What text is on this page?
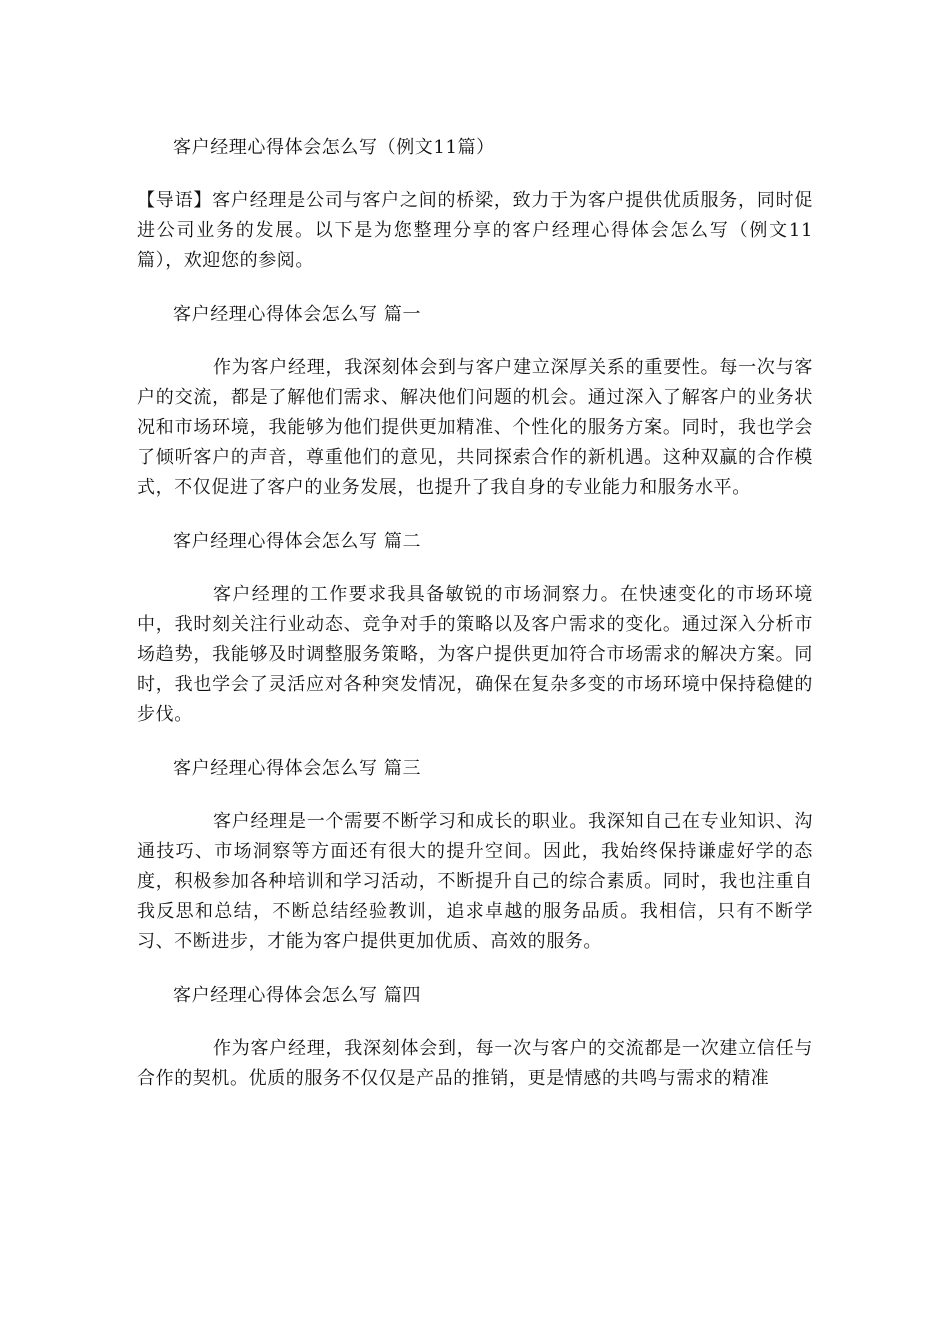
客户经理心得体会怎么写（例文11篇）

【导语】客户经理是公司与客户之间的桥梁，致力于为客户提供优质服务，同时促进公司业务的发展。以下是为您整理分享的客户经理心得体会怎么写（例文11篇），欢迎您的参阅。

客户经理心得体会怎么写 篇一

作为客户经理，我深刻体会到与客户建立深厚关系的重要性。每一次与客户的交流，都是了解他们需求、解决他们问题的机会。通过深入了解客户的业务状况和市场环境，我能够为他们提供更加精准、个性化的服务方案。同时，我也学会了倾听客户的声音，尊重他们的意见，共同探索合作的新机遇。这种双赢的合作模式，不仅促进了客户的业务发展，也提升了我自身的专业能力和服务水平。

客户经理心得体会怎么写 篇二

客户经理的工作要求我具备敏锐的市场洞察力。在快速变化的市场环境中，我时刻关注行业动态、竞争对手的策略以及客户需求的变化。通过深入分析市场趋势，我能够及时调整服务策略，为客户提供更加符合市场需求的解决方案。同时，我也学会了灵活应对各种突发情况，确保在复杂多变的市场环境中保持稳健的步伐。

客户经理心得体会怎么写 篇三

客户经理是一个需要不断学习和成长的职业。我深知自己在专业知识、沟通技巧、市场洞察等方面还有很大的提升空间。因此，我始终保持谦虚好学的态度，积极参加各种培训和学习活动，不断提升自己的综合素质。同时，我也注重自我反思和总结，不断总结经验教训，追求卓越的服务品质。我相信，只有不断学习、不断进步，才能为客户提供更加优质、高效的服务。

客户经理心得体会怎么写 篇四

作为客户经理，我深刻体会到，每一次与客户的交流都是一次建立信任与合作的契机。优质的服务不仅仅是产品的推销，更是情感的共鸣与需求的精准
